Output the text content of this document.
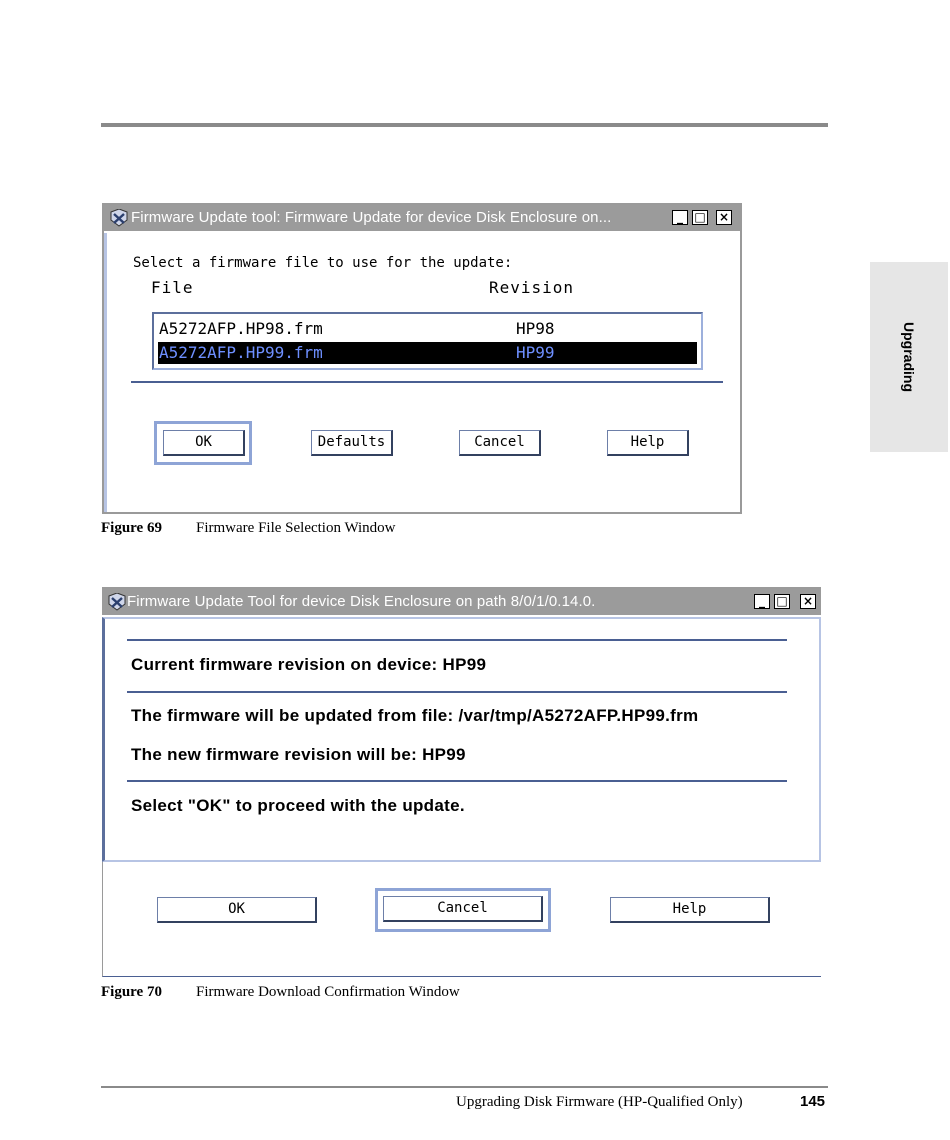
Upgrading
Firmware Update tool: Firmware Update for device Disk Enclosure on...	_ □ ×
Select a firmware file to use for the update:
File	Revision
A5272AFP.HP98.frm	HP98
A5272AFP.HP99.frm	HP99
OK	Defaults	Cancel	Help
Figure 69 Firmware File Selection Window
Firmware Update Tool for device Disk Enclosure on path 8/0/1/0.14.0.	_ □ ×
Current firmware revision on device: HP99
The firmware will be updated from file: /var/tmp/A5272AFP.HP99.frm
The new firmware revision will be: HP99
Select "OK" to proceed with the update.
OK	Cancel	Help
Figure 70 Firmware Download Confirmation Window
Upgrading Disk Firmware (HP-Qualified Only)	145
